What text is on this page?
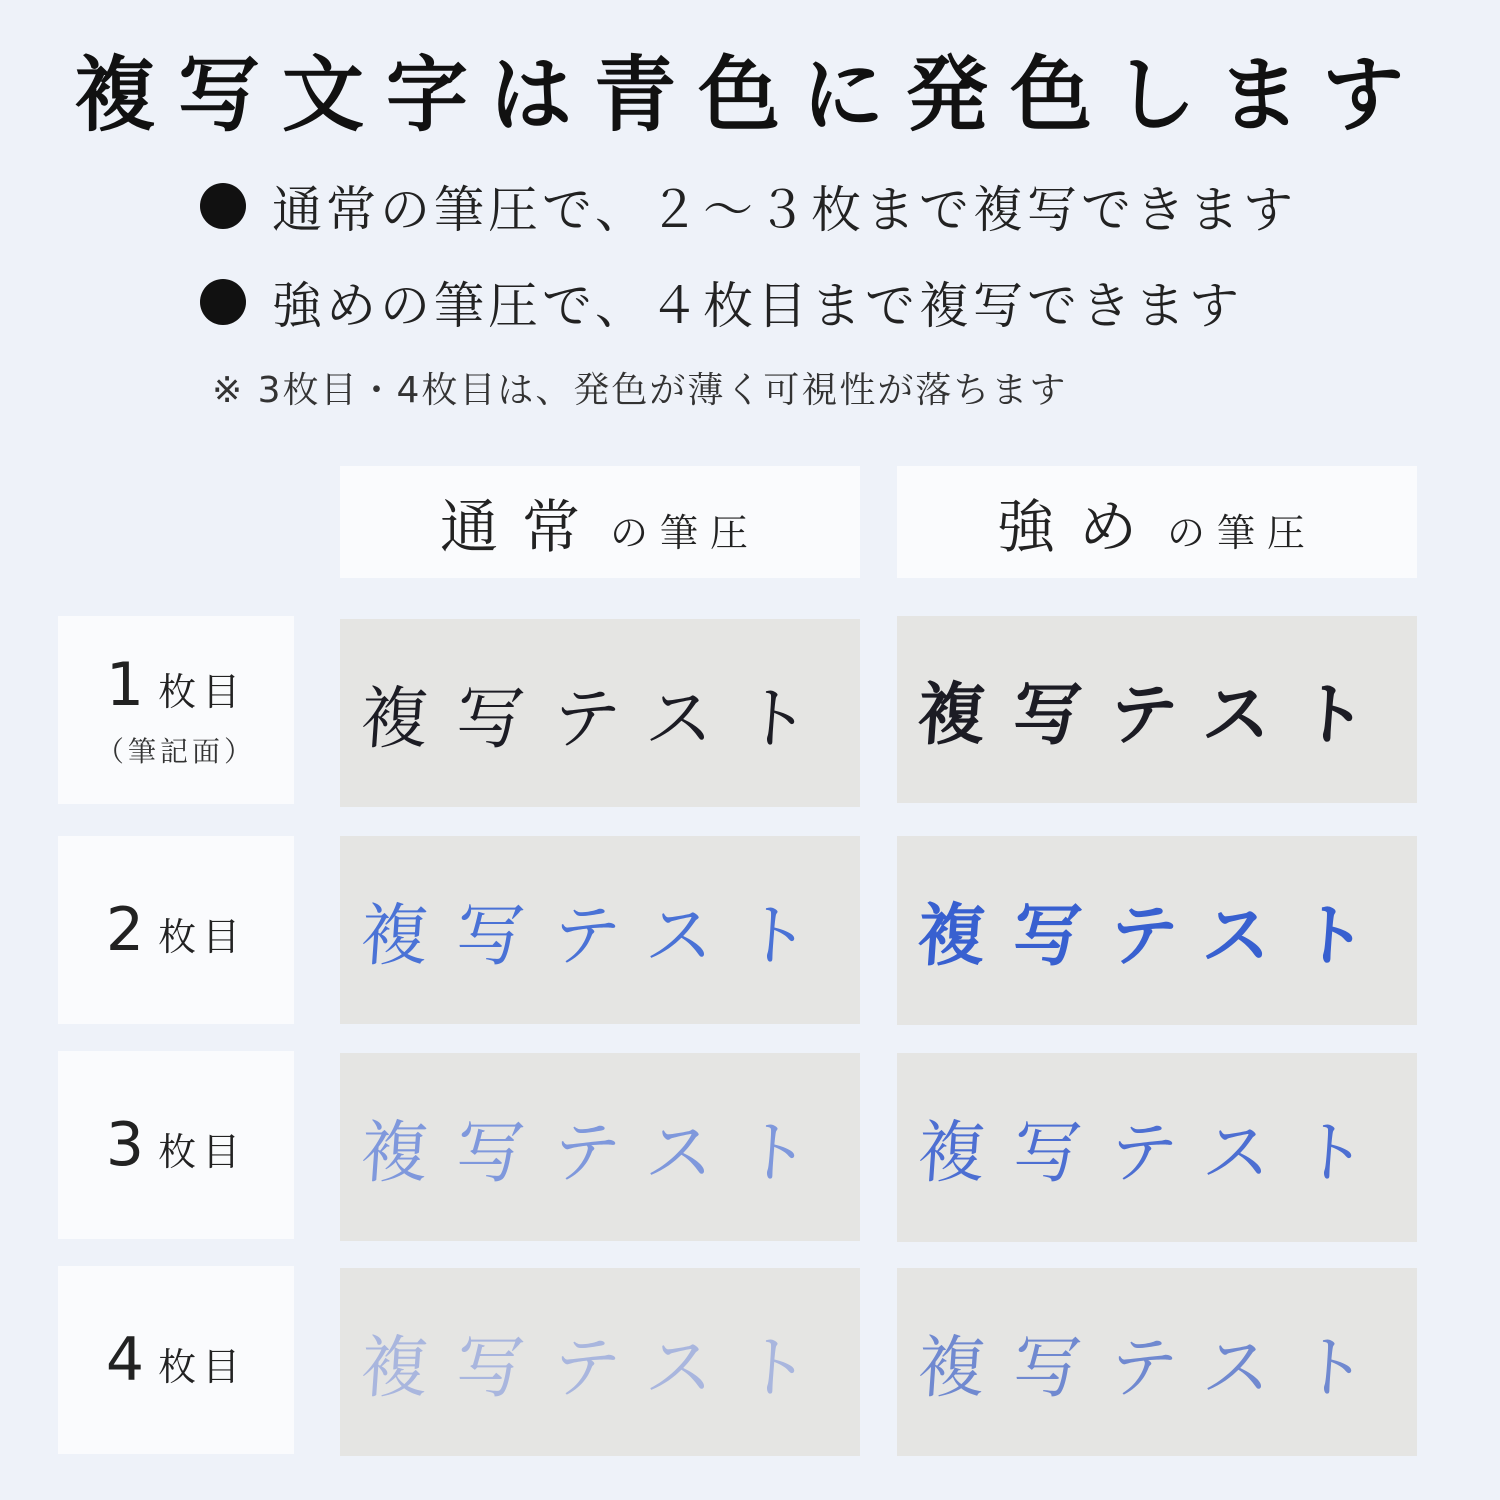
複写文字は青色に発色します
通常の筆圧で、２～３枚まで複写できます
強めの筆圧で、４枚目まで複写できます
※ 3枚目・4枚目は、発色が薄く可視性が落ちます
通常 の筆圧	強め の筆圧
1 枚目
（筆記面） 複写テスト 複写テスト
2 枚目 複写テスト 複写テスト
3 枚目 複写テスト 複写テスト
4 枚目 複写テスト 複写テスト
